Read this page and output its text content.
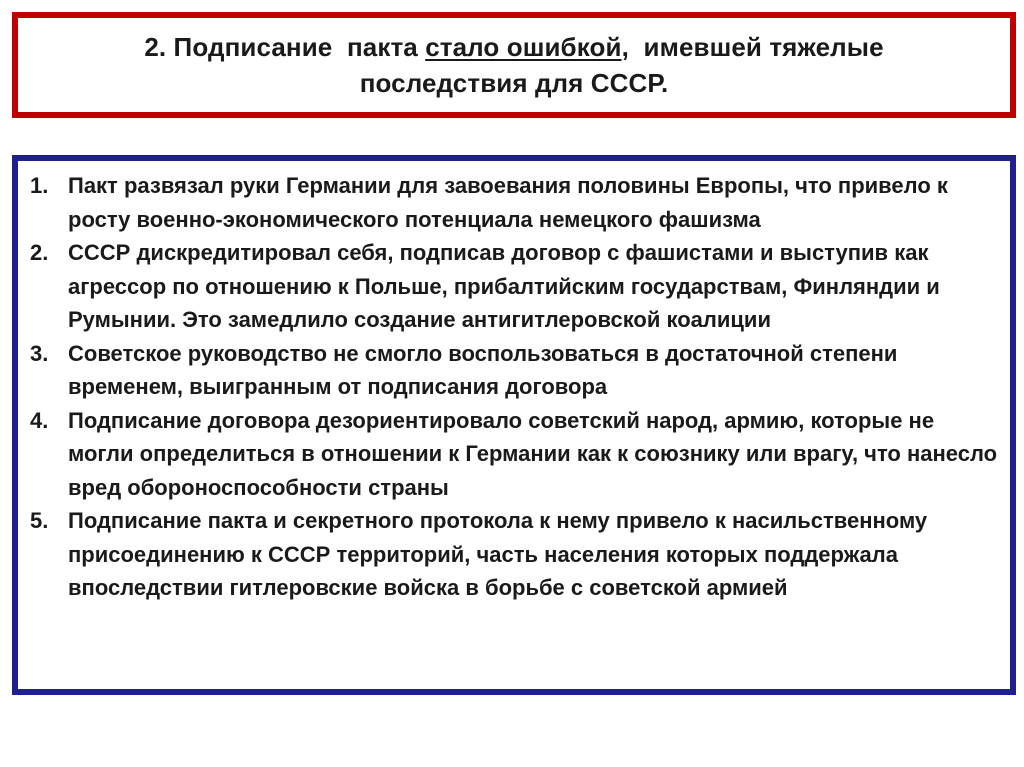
2. Подписание  пакта стало ошибкой,  имевшей тяжелые
последствия для СССР.
1. Пакт развязал руки Германии для завоевания половины Европы, что привело к росту военно-экономического потенциала немецкого фашизма
2. СССР дискредитировал себя, подписав договор с фашистами и выступив как агрессор по отношению к Польше, прибалтийским государствам, Финляндии и Румынии. Это замедлило создание антигитлеровской коалиции
3. Советское руководство не смогло воспользоваться в достаточной степени временем, выигранным от подписания договора
4. Подписание договора дезориентировало советский народ, армию, которые не могли определиться в отношении к Германии как к союзнику или врагу, что нанесло вред обороноспособности страны
5. Подписание пакта и секретного протокола к нему привело к насильственному присоединению к СССР территорий, часть населения которых поддержала впоследствии гитлеровские войска в борьбе с советской армией
